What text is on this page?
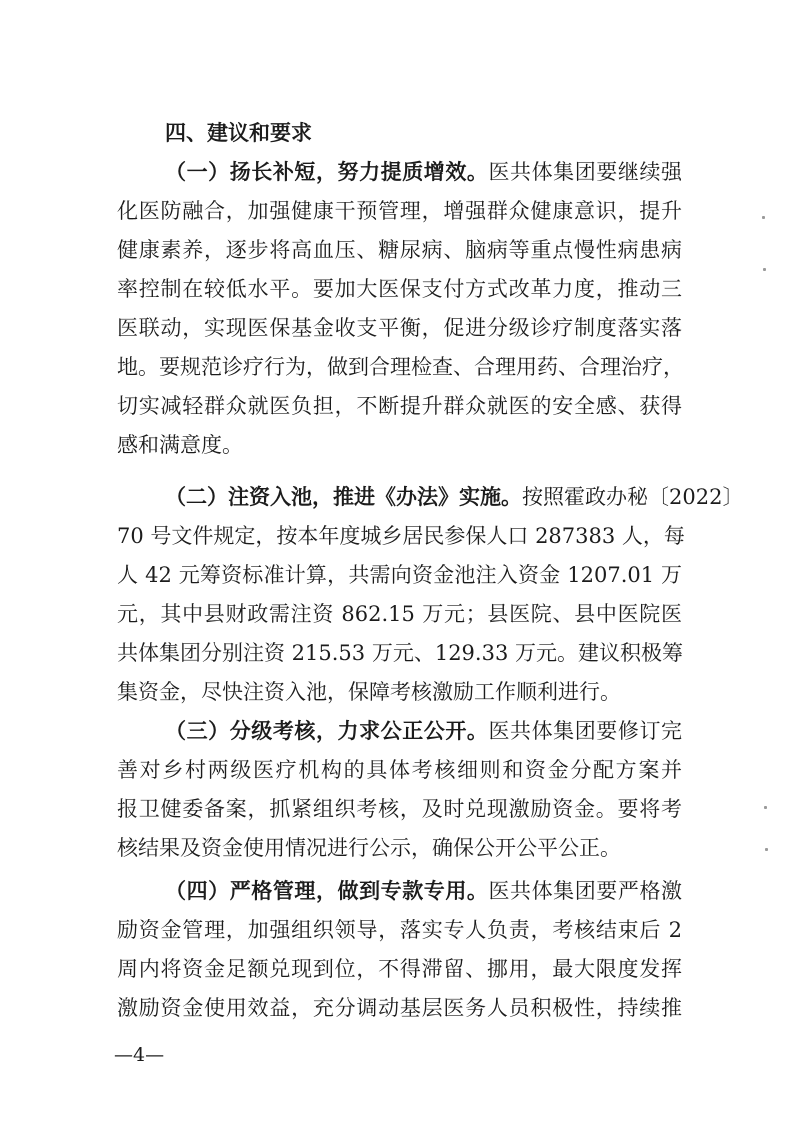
四、建议和要求
（一）扬长补短，努力提质增效。医共体集团要继续强
化医防融合，加强健康干预管理，增强群众健康意识，提升
健康素养，逐步将高血压、糖尿病、脑病等重点慢性病患病
率控制在较低水平。要加大医保支付方式改革力度，推动三
医联动，实现医保基金收支平衡，促进分级诊疗制度落实落
地。要规范诊疗行为，做到合理检查、合理用药、合理治疗，
切实减轻群众就医负担，不断提升群众就医的安全感、获得
感和满意度。
（二）注资入池，推进《办法》实施。按照霍政办秘〔2022〕
70 号文件规定，按本年度城乡居民参保人口 287383 人，每
人 42 元筹资标准计算，共需向资金池注入资金 1207.01 万
元，其中县财政需注资 862.15 万元；县医院、县中医院医
共体集团分别注资 215.53 万元、129.33 万元。建议积极筹
集资金，尽快注资入池，保障考核激励工作顺利进行。
（三）分级考核，力求公正公开。医共体集团要修订完
善对乡村两级医疗机构的具体考核细则和资金分配方案并
报卫健委备案，抓紧组织考核，及时兑现激励资金。要将考
核结果及资金使用情况进行公示，确保公开公平公正。
（四）严格管理，做到专款专用。医共体集团要严格激
励资金管理，加强组织领导，落实专人负责，考核结束后 2
周内将资金足额兑现到位，不得滞留、挪用，最大限度发挥
激励资金使用效益，充分调动基层医务人员积极性，持续推
—4—
